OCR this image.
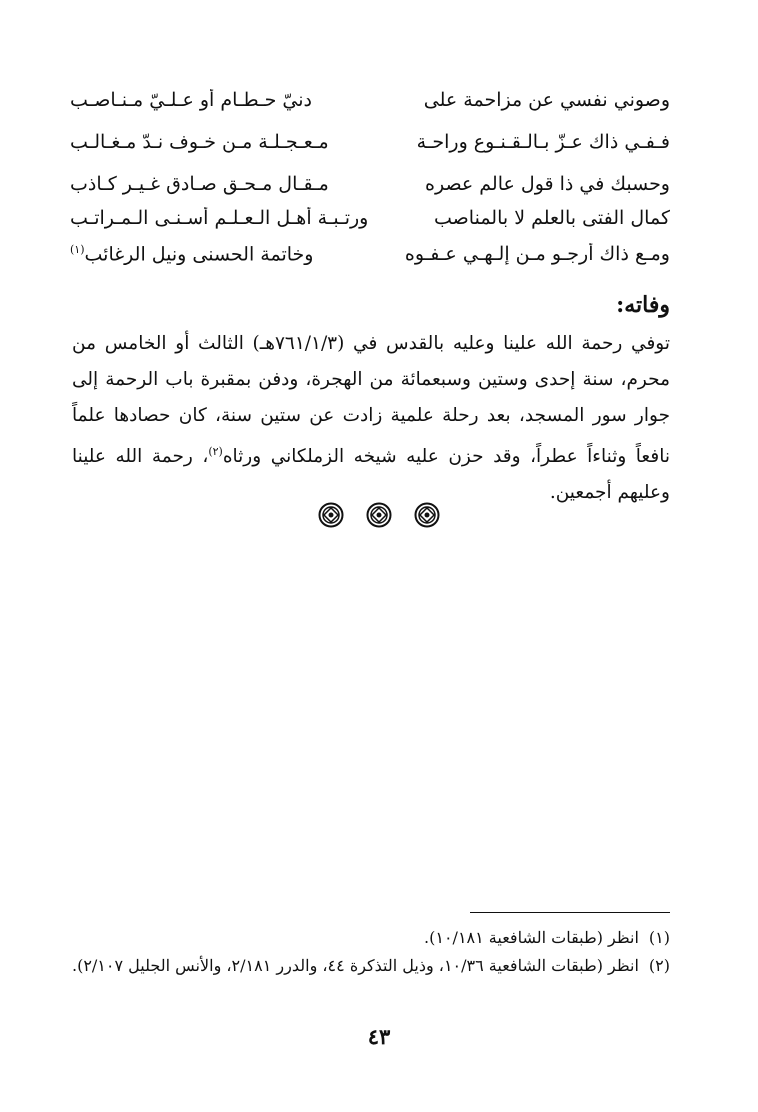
وصوني نفسي عن مزاحمة على
دنيّ حـطـام أو عـلـيّ مـنـاصـب
فـفـي ذاك عـزّ بـالـقـنـوع وراحـة
مـعـجـلـة مـن خـوف نـدّ مـغـالـب
وحسبك في ذا قول عالم عصره
مـقـال مـحـق صـادق غـيـر كـاذب
كمال الفتى بالعلم لا بالمناصب
ورتـبـة أهـل الـعـلـم أسـنـى الـمـراتـب
ومـع ذاك أرجـو مـن إلـهـي عـفـوه
وخاتمة الحسنى ونيل الرغائب$^{(١)}$
وفاته:
توفي رحمة الله علينا وعليه بالقدس في (٧٦١/١/٣هـ) الثالث أو الخامس من محرم، سنة إحدى وستين وسبعمائة من الهجرة، ودفن بمقبرة باب الرحمة إلى جوار سور المسجد، بعد رحلة علمية زادت عن ستين سنة، كان حصادها علماً نافعاً وثناءاً عطراً، وقد حزن عليه شيخه الزملكاني ورثاه$^{(٢)}$، رحمة الله علينا وعليهم أجمعين.
(١)
انظر (طبقات الشافعية ١٠/١٨١).
(٢)
انظر (طبقات الشافعية ١٠/٣٦، وذيل التذكرة ٤٤، والدرر ٢/١٨١، والأنس الجليل ٢/١٠٧).
٤٣
